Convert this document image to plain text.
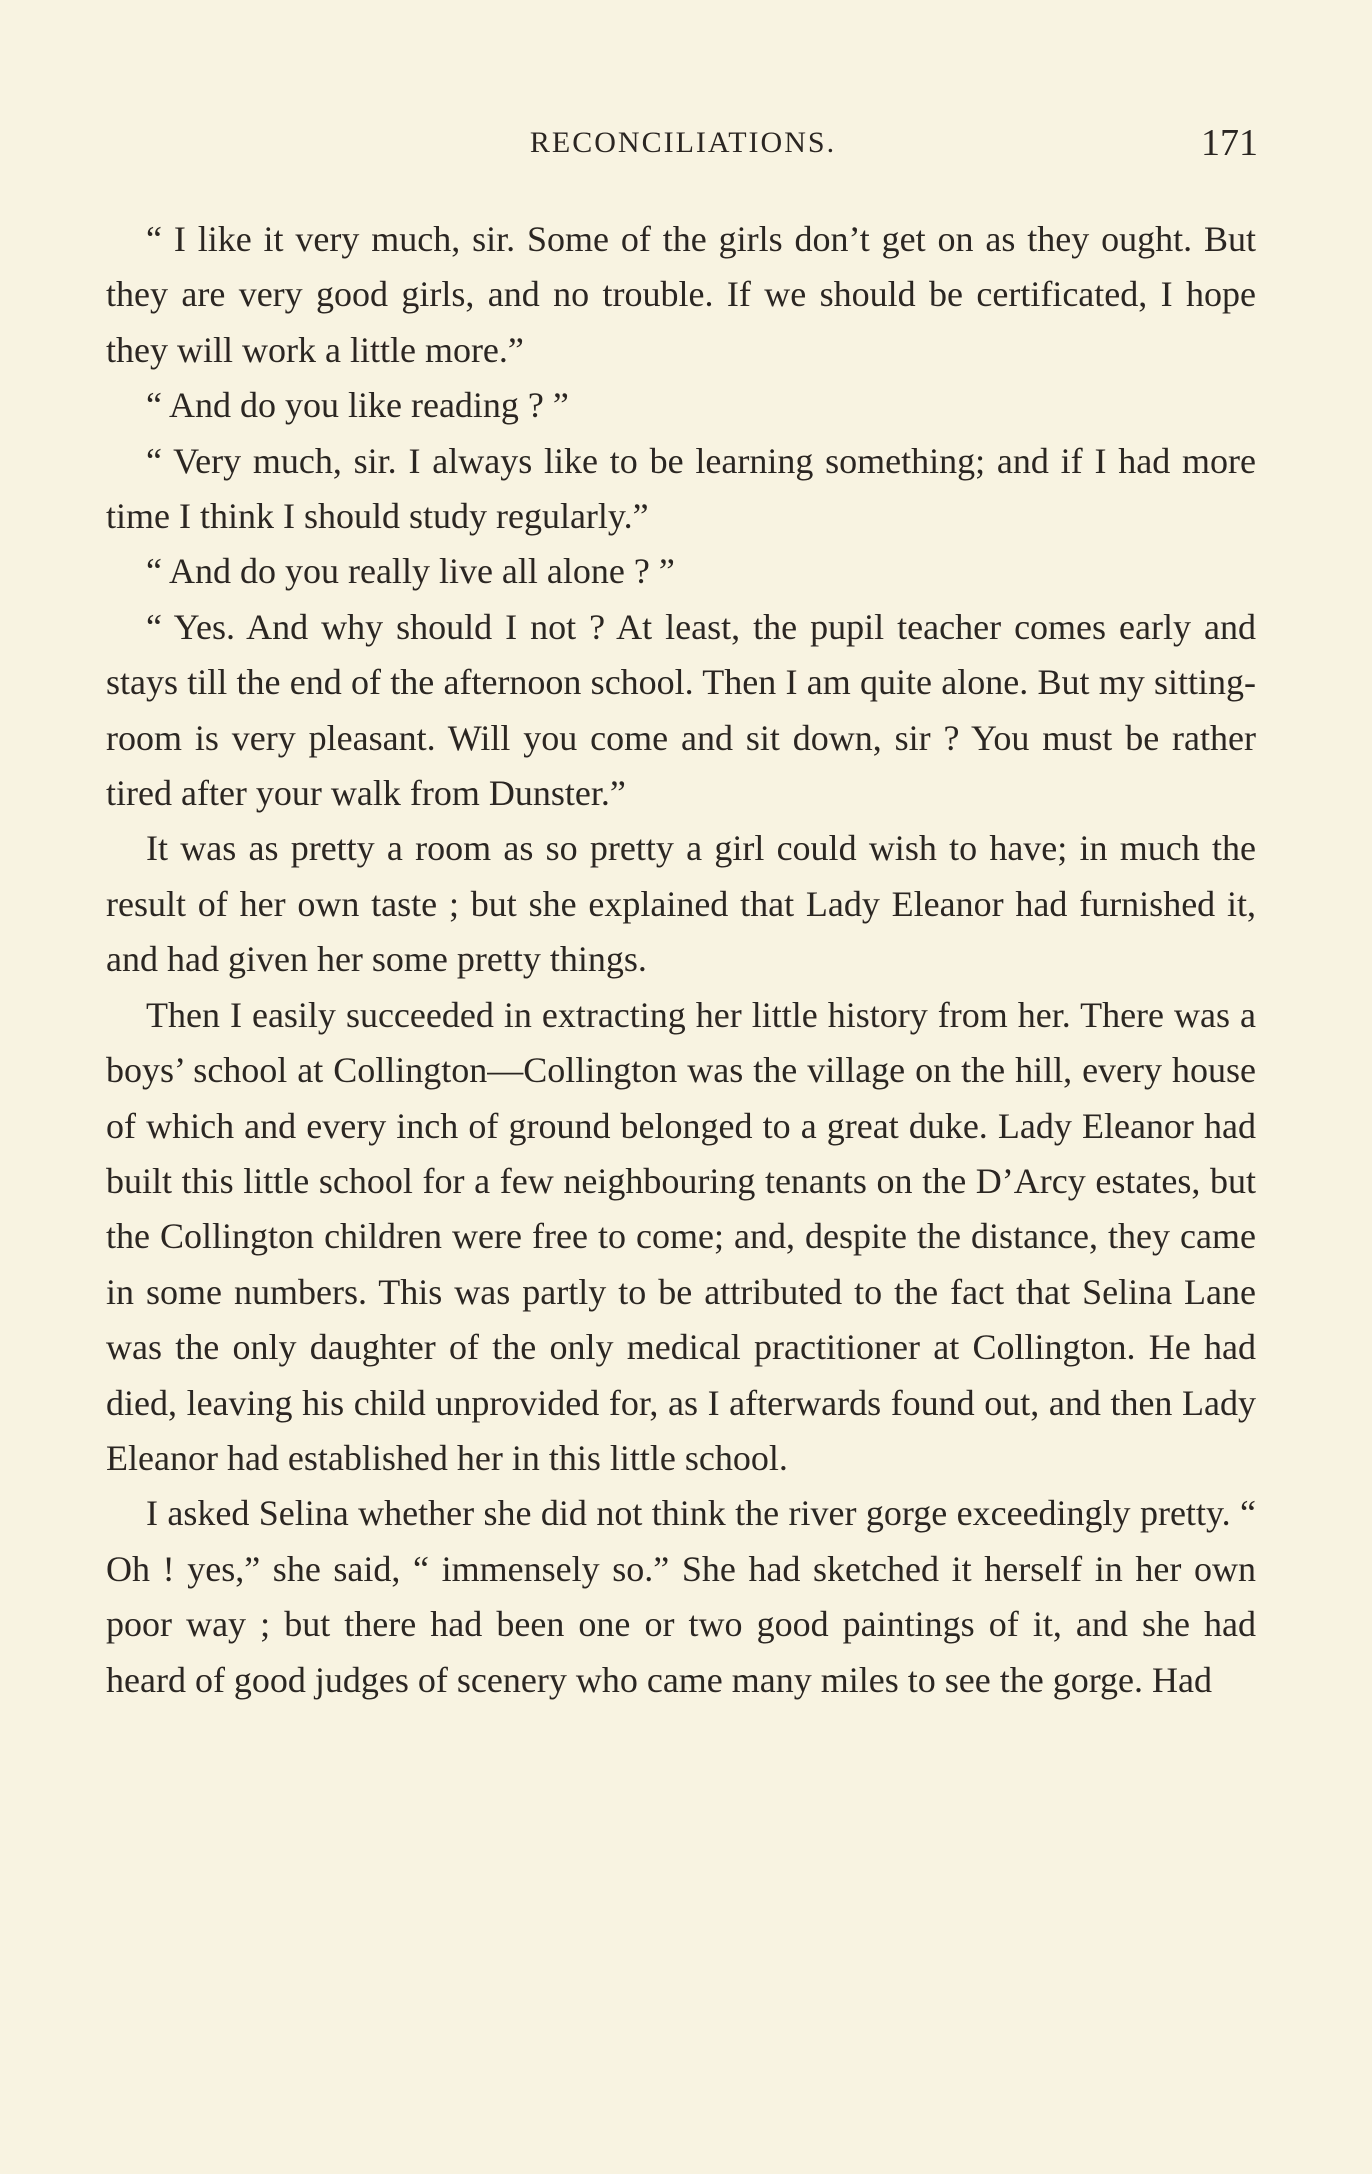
RECONCILIATIONS.	171

“ I like it very much, sir. Some of the girls don’t get on as they ought. But they are very good girls, and no trouble. If we should be certificated, I hope they will work a little more.”

“ And do you like reading ? ”

“ Very much, sir. I always like to be learning something; and if I had more time I think I should study regularly.”

“ And do you really live all alone ? ”

“ Yes. And why should I not ? At least, the pupil teacher comes early and stays till the end of the afternoon school. Then I am quite alone. But my sitting-room is very pleasant. Will you come and sit down, sir ? You must be rather tired after your walk from Dunster.”

It was as pretty a room as so pretty a girl could wish to have; in much the result of her own taste ; but she explained that Lady Eleanor had furnished it, and had given her some pretty things.

Then I easily succeeded in extracting her little history from her. There was a boys’ school at Collington—Collington was the village on the hill, every house of which and every inch of ground belonged to a great duke. Lady Eleanor had built this little school for a few neighbouring tenants on the D’Arcy estates, but the Collington children were free to come; and, despite the distance, they came in some numbers. This was partly to be attributed to the fact that Selina Lane was the only daughter of the only medical practitioner at Collington. He had died, leaving his child unprovided for, as I afterwards found out, and then Lady Eleanor had established her in this little school.

I asked Selina whether she did not think the river gorge exceedingly pretty. “ Oh ! yes,” she said, “ immensely so.” She had sketched it herself in her own poor way ; but there had been one or two good paintings of it, and she had heard of good judges of scenery who came many miles to see the gorge. Had
